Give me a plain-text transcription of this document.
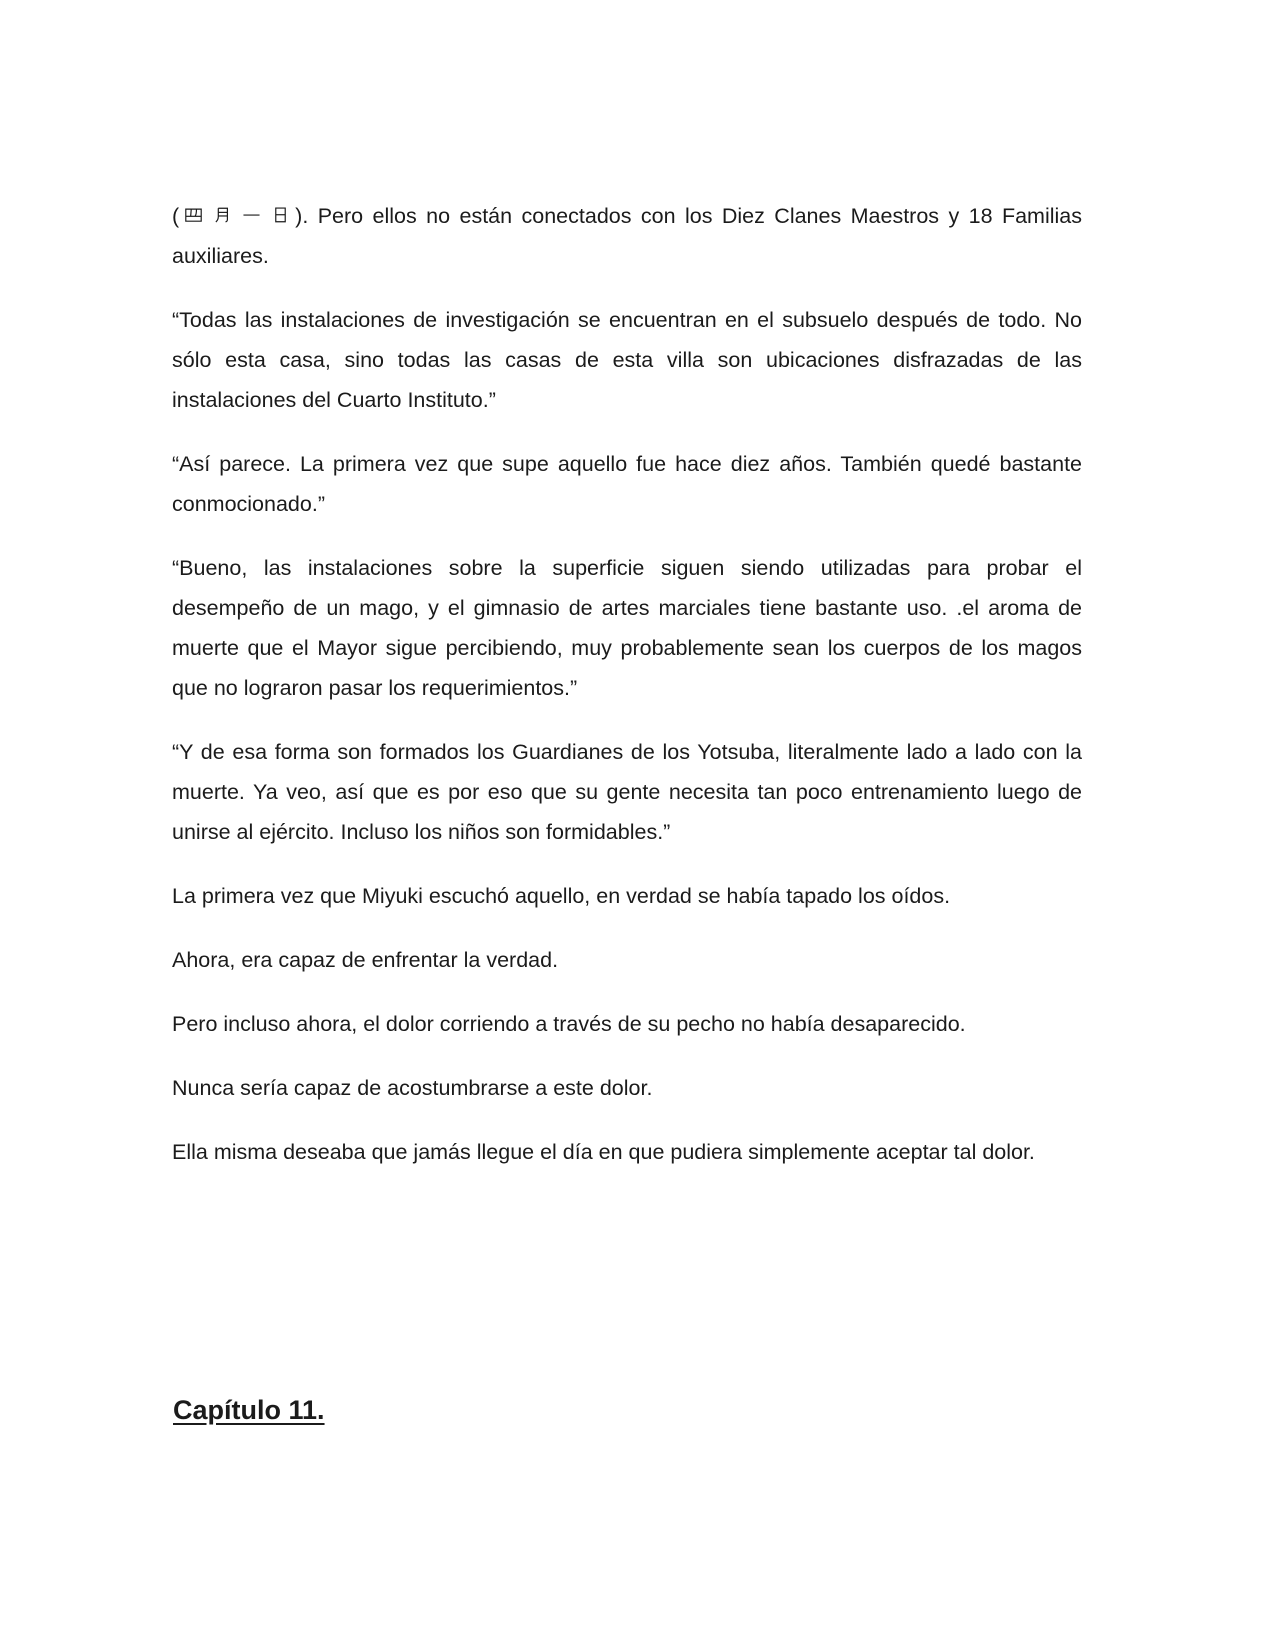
(	). Pero ellos no están conectados con los Diez Clanes Maestros y 18 Familias auxiliares.

“Todas las instalaciones de investigación se encuentran en el subsuelo después de todo. No sólo esta casa, sino todas las casas de esta villa son ubicaciones disfrazadas de las instalaciones del Cuarto Instituto.”

“Así parece. La primera vez que supe aquello fue hace diez años. También quedé bastante conmocionado.”

“Bueno, las instalaciones sobre la superficie siguen siendo utilizadas para probar el desempeño de un mago, y el gimnasio de artes marciales tiene bastante uso. .el aroma de muerte que el Mayor sigue percibiendo, muy probablemente sean los cuerpos de los magos que no lograron pasar los requerimientos.”

“Y de esa forma son formados los Guardianes de los Yotsuba, literalmente lado a lado con la muerte. Ya veo, así que es por eso que su gente necesita tan poco entrenamiento luego de unirse al ejército. Incluso los niños son formidables.”

La primera vez que Miyuki escuchó aquello, en verdad se había tapado los oídos.

Ahora, era capaz de enfrentar la verdad.

Pero incluso ahora, el dolor corriendo a través de su pecho no había desaparecido.

Nunca sería capaz de acostumbrarse a este dolor.

Ella misma deseaba que jamás llegue el día en que pudiera simplemente aceptar tal dolor.

Capítulo 11.
